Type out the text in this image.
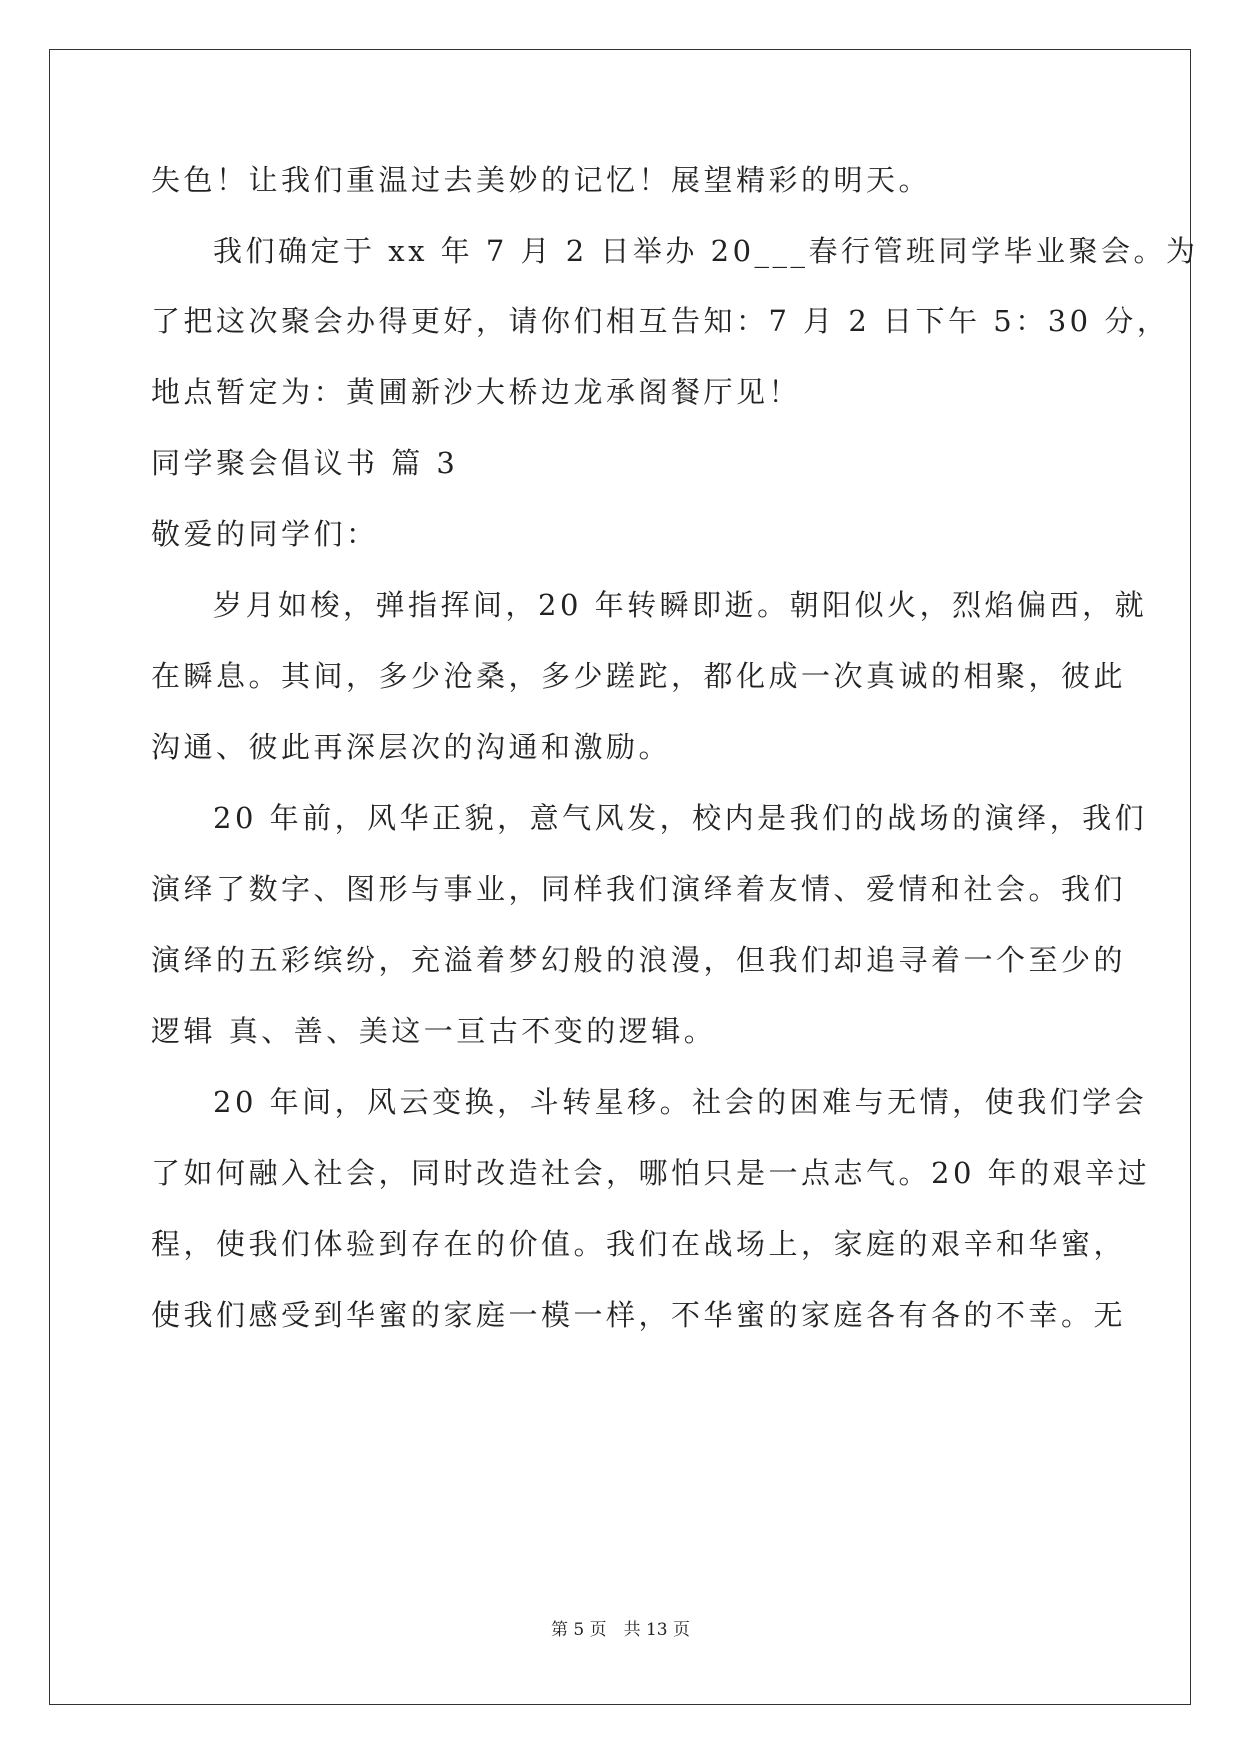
失色！让我们重温过去美妙的记忆！展望精彩的明天。
我们确定于 xx 年 7 月 2 日举办 20___春行管班同学毕业聚会。为
了把这次聚会办得更好，请你们相互告知：7 月 2 日下午 5：30 分，
地点暂定为：黄圃新沙大桥边龙承阁餐厅见！
同学聚会倡议书 篇 3
敬爱的同学们：
岁月如梭，弹指挥间，20 年转瞬即逝。朝阳似火，烈焰偏西，就
在瞬息。其间，多少沧桑，多少蹉跎，都化成一次真诚的相聚，彼此
沟通、彼此再深层次的沟通和激励。
20 年前，风华正貌，意气风发，校内是我们的战场的演绎，我们
演绎了数字、图形与事业，同样我们演绎着友情、爱情和社会。我们
演绎的五彩缤纷，充溢着梦幻般的浪漫，但我们却追寻着一个至少的
逻辑 真、善、美这一亘古不变的逻辑。
20 年间，风云变换，斗转星移。社会的困难与无情，使我们学会
了如何融入社会，同时改造社会，哪怕只是一点志气。20 年的艰辛过
程，使我们体验到存在的价值。我们在战场上，家庭的艰辛和华蜜，
使我们感受到华蜜的家庭一模一样，不华蜜的家庭各有各的不幸。无
第 5 页　共 13 页
